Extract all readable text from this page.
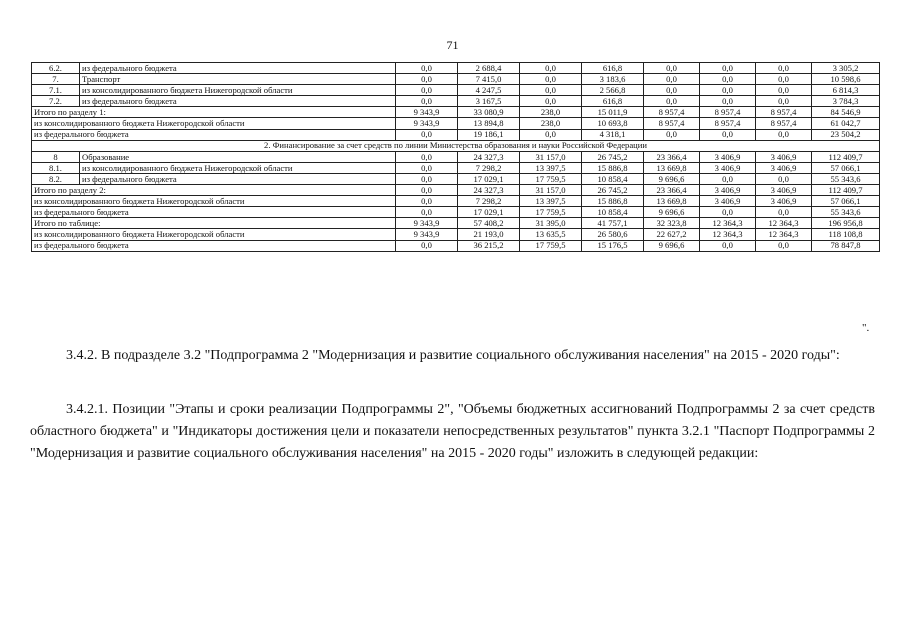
71
6.2.	из федерального бюджета	0,0	2 688,4	0,0	616,8	0,0	0,0	0,0	3 305,2
7.	Транспорт	0,0	7 415,0	0,0	3 183,6	0,0	0,0	0,0	10 598,6
7.1.	из консолидированного бюджета Нижегородской области	0,0	4 247,5	0,0	2 566,8	0,0	0,0	0,0	6 814,3
7.2.	из федерального бюджета	0,0	3 167,5	0,0	616,8	0,0	0,0	0,0	3 784,3
Итого по разделу 1:		9 343,9	33 080,9	238,0	15 011,9	8 957,4	8 957,4	8 957,4	84 546,9
из консолидированного бюджета Нижегородской области		9 343,9	13 894,8	238,0	10 693,8	8 957,4	8 957,4	8 957,4	61 042,7
из федерального бюджета		0,0	19 186,1	0,0	4 318,1	0,0	0,0	0,0	23 504,2
2. Финансирование за счет средств по линии Министерства образования и науки Российской Федерации									
8	Образование	0,0	24 327,3	31 157,0	26 745,2	23 366,4	3 406,9	3 406,9	112 409,7
8.1.	из консолидированного бюджета Нижегородской области	0,0	7 298,2	13 397,5	15 886,8	13 669,8	3 406,9	3 406,9	57 066,1
8.2.	из федерального бюджета	0,0	17 029,1	17 759,5	10 858,4	9 696,6	0,0	0,0	55 343,6
Итого по разделу 2:		0,0	24 327,3	31 157,0	26 745,2	23 366,4	3 406,9	3 406,9	112 409,7
из консолидированного бюджета Нижегородской области		0,0	7 298,2	13 397,5	15 886,8	13 669,8	3 406,9	3 406,9	57 066,1
из федерального бюджета		0,0	17 029,1	17 759,5	10 858,4	9 696,6	0,0	0,0	55 343,6
Итого по таблице:		9 343,9	57 408,2	31 395,0	41 757,1	32 323,8	12 364,3	12 364,3	196 956,8
из консолидированного бюджета Нижегородской области		9 343,9	21 193,0	13 635,5	26 580,6	22 627,2	12 364,3	12 364,3	118 108,8
из федерального бюджета		0,0	36 215,2	17 759,5	15 176,5	9 696,6	0,0	0,0	78 847,8
".

3.4.2. В подразделе 3.2 "Подпрограмма 2 "Модернизация и развитие социального обслуживания населения" на 2015 - 2020 годы":

3.4.2.1. Позиции "Этапы и сроки реализации Подпрограммы 2", "Объемы бюджетных ассигнований Подпрограммы 2 за счет средств областного бюджета" и "Индикаторы достижения цели и показатели непосредственных результатов" пункта 3.2.1 "Паспорт Подпрограммы 2 "Модернизация и развитие социального обслуживания населения" на 2015 - 2020 годы" изложить в следующей редакции:
